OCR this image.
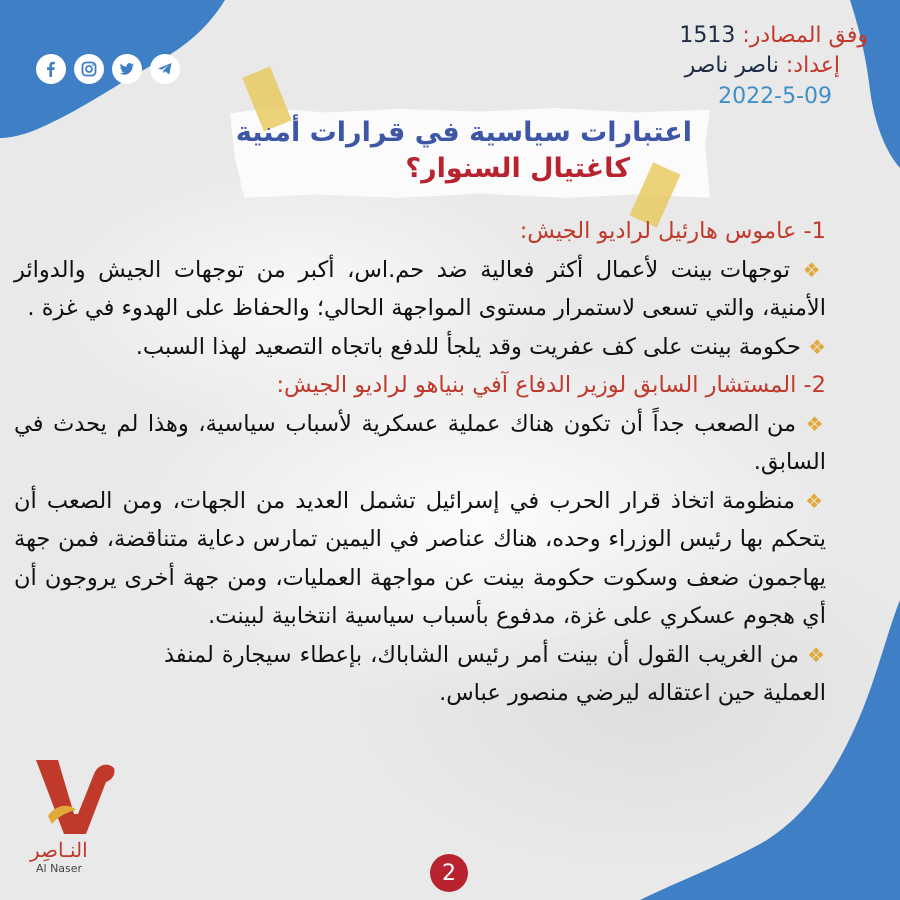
وفق المصادر: 1513
إعداد: ناصر ناصر
2022-5-09
اعتبارات سياسية في قرارات أمنية
كاغتيال السنوار؟
1- عاموس هارئيل لراديو الجيش:
❖ توجهات بينت لأعمال أكثر فعالية ضد حم.اس، أكبر من توجهات الجيش والدوائر الأمنية، والتي تسعى لاستمرار مستوى المواجهة الحالي؛ والحفاظ على الهدوء في غزة .
❖ حكومة بينت على كف عفريت وقد يلجأ للدفع باتجاه التصعيد لهذا السبب.
2- المستشار السابق لوزير الدفاع آفي بنياهو لراديو الجيش:
❖ من الصعب جداً أن تكون هناك عملية عسكرية لأسباب سياسية، وهذا لم يحدث في السابق.
❖ منظومة اتخاذ قرار الحرب في إسرائيل تشمل العديد من الجهات، ومن الصعب أن يتحكم بها رئيس الوزراء وحده، هناك عناصر في اليمين تمارس دعاية متناقضة، فمن جهة يهاجمون ضعف وسكوت حكومة بينت عن مواجهة العمليات، ومن جهة أخرى يروجون أن أي هجوم عسكري على غزة، مدفوع بأسباب سياسية انتخابية لبينت.
❖ من الغريب القول أن بينت أمر رئيس الشاباك، بإعطاء سيجارة لمنفذ العملية حين اعتقاله ليرضي منصور عباس.
النـاصِر
Al Naser	2
